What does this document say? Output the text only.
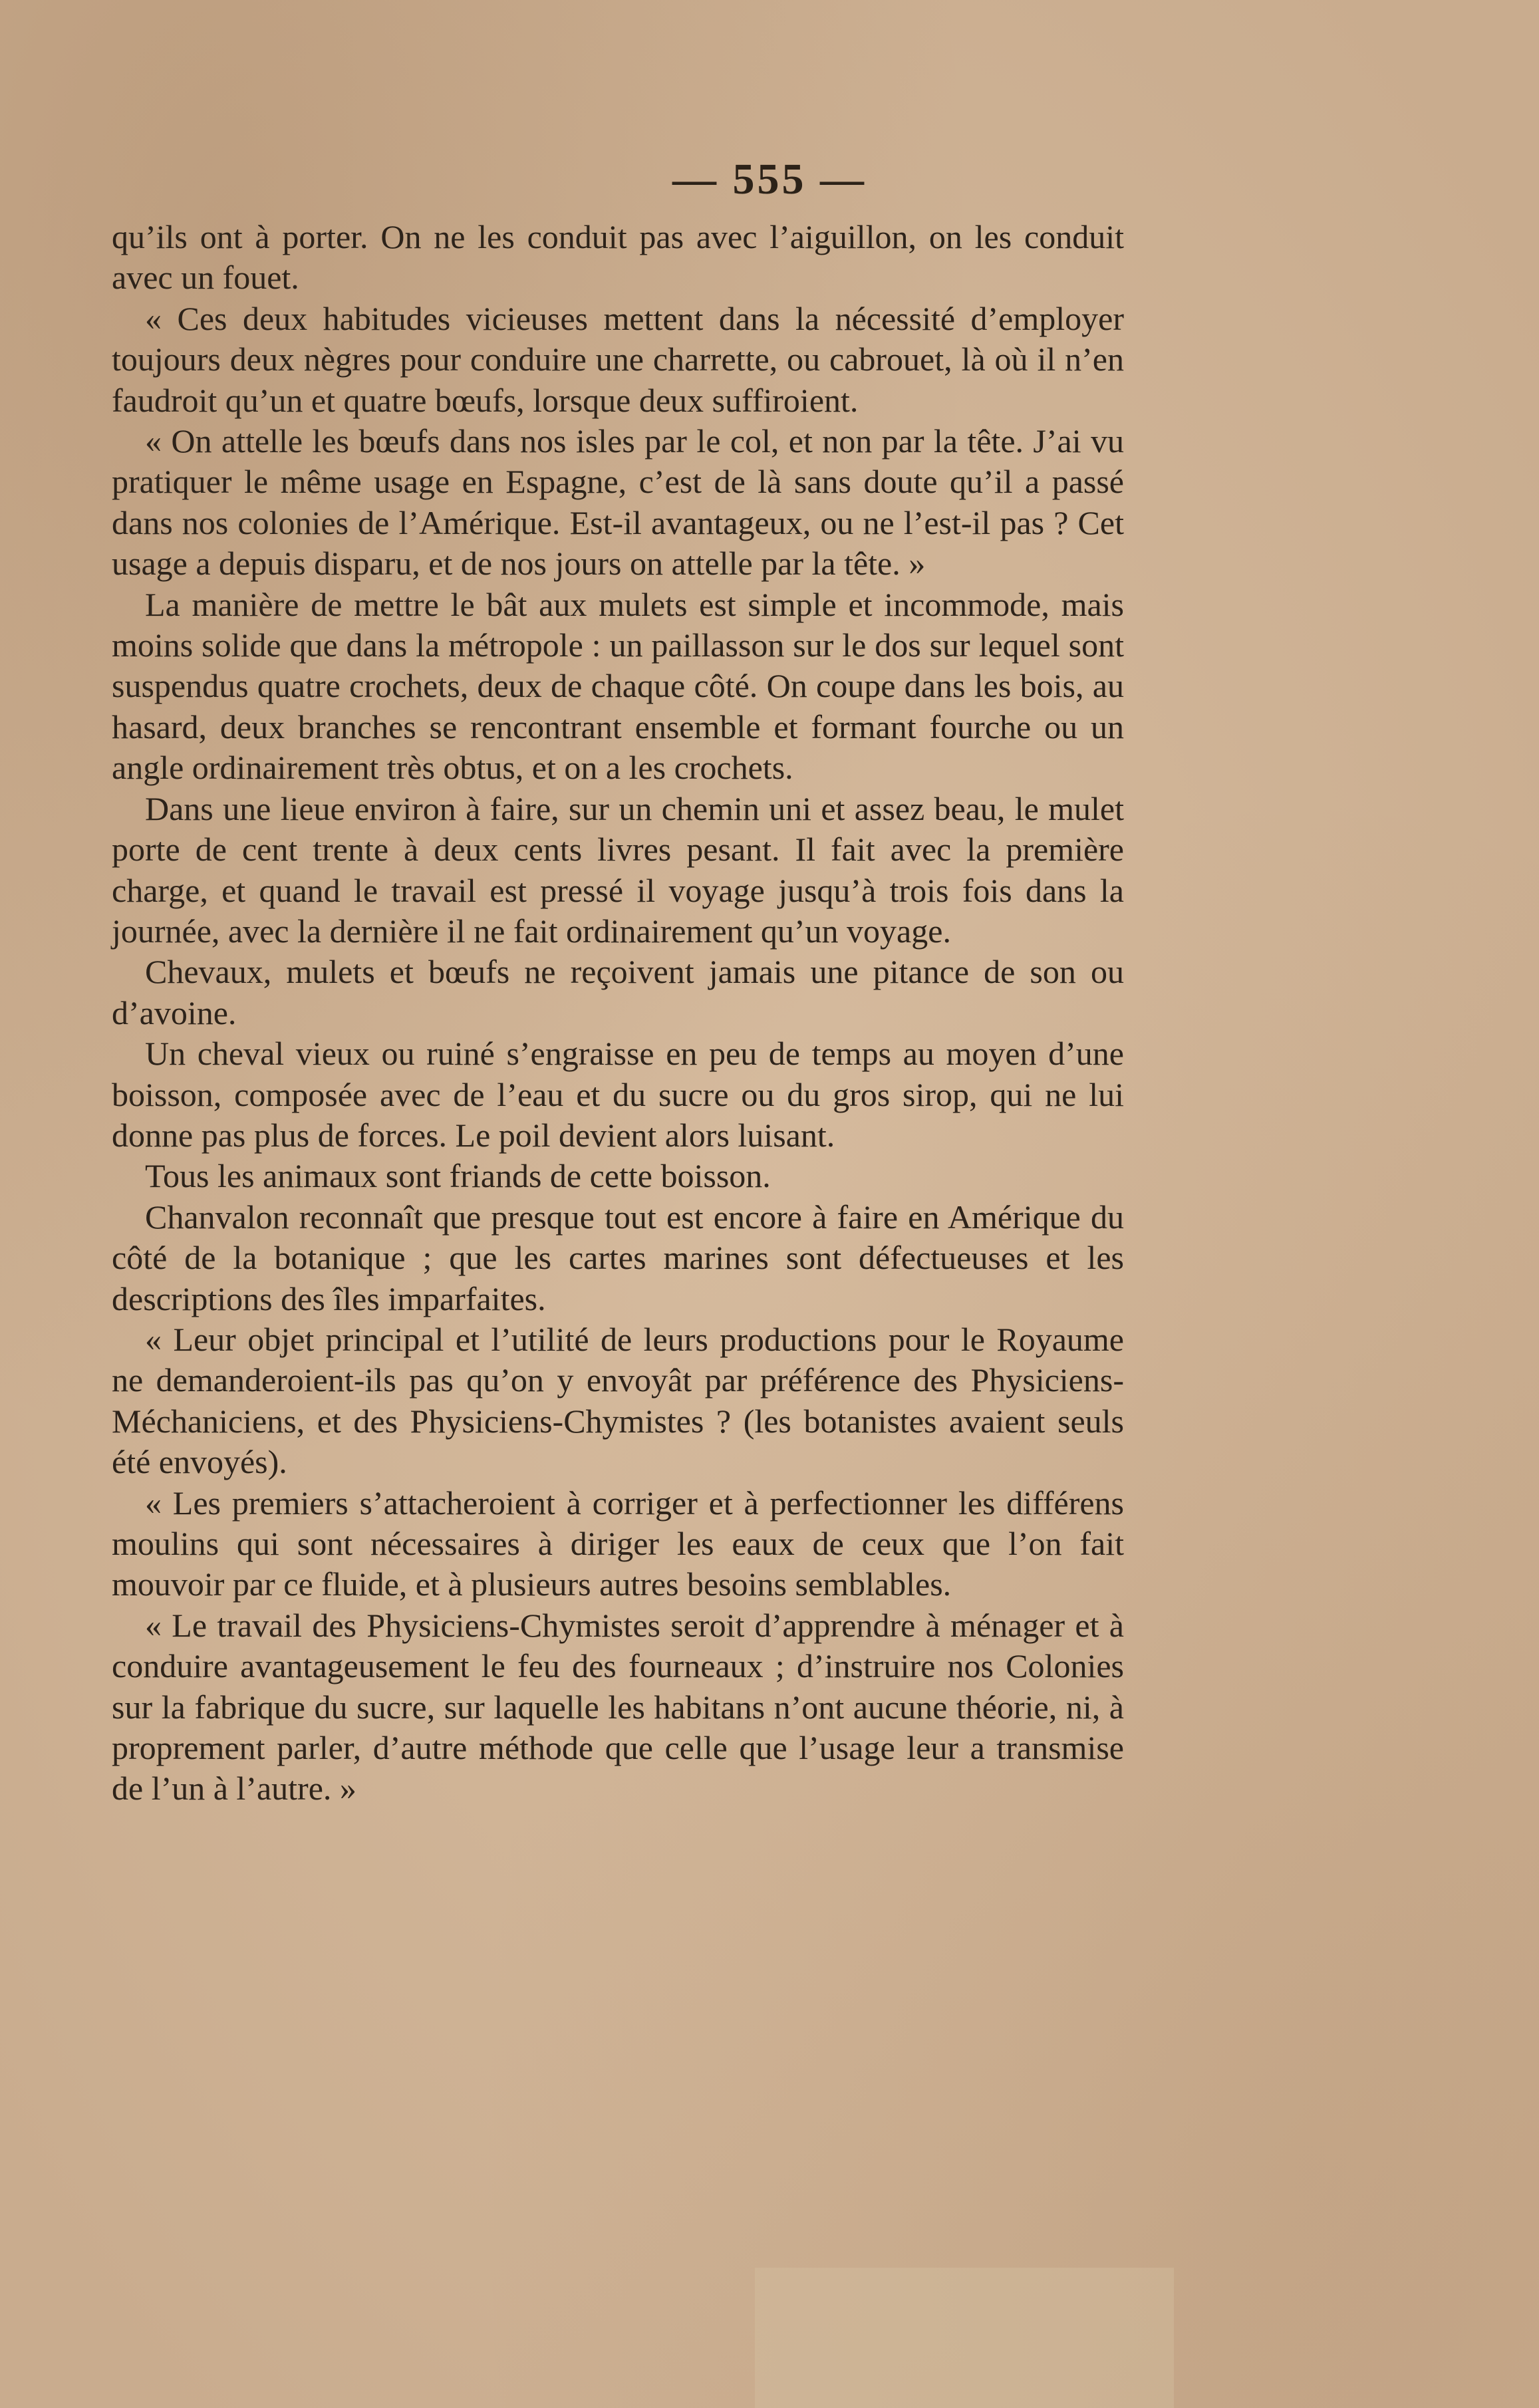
— 555 —

qu’ils ont à porter. On ne les conduit pas avec l’aiguillon, on les conduit avec un fouet.

« Ces deux habitudes vicieuses mettent dans la nécessité d’employer toujours deux nègres pour conduire une charrette, ou cabrouet, là où il n’en faudroit qu’un et quatre bœufs, lorsque deux suffiroient.

« On attelle les bœufs dans nos isles par le col, et non par la tête. J’ai vu pratiquer le même usage en Espagne, c’est de là sans doute qu’il a passé dans nos colonies de l’Amérique. Est-il avantageux, ou ne l’est-il pas ? Cet usage a depuis disparu, et de nos jours on attelle par la tête. »

La manière de mettre le bât aux mulets est simple et incommode, mais moins solide que dans la métropole : un paillasson sur le dos sur lequel sont suspendus quatre crochets, deux de chaque côté. On coupe dans les bois, au hasard, deux branches se rencontrant ensemble et formant fourche ou un angle ordinairement très obtus, et on a les crochets.

Dans une lieue environ à faire, sur un chemin uni et assez beau, le mulet porte de cent trente à deux cents livres pesant. Il fait avec la première charge, et quand le travail est pressé il voyage jusqu’à trois fois dans la journée, avec la dernière il ne fait ordinairement qu’un voyage.

Chevaux, mulets et bœufs ne reçoivent jamais une pitance de son ou d’avoine.

Un cheval vieux ou ruiné s’engraisse en peu de temps au moyen d’une boisson, composée avec de l’eau et du sucre ou du gros sirop, qui ne lui donne pas plus de forces. Le poil devient alors luisant.

Tous les animaux sont friands de cette boisson.

Chanvalon reconnaît que presque tout est encore à faire en Amérique du côté de la botanique ; que les cartes marines sont défectueuses et les descriptions des îles imparfaites.

« Leur objet principal et l’utilité de leurs productions pour le Royaume ne demanderoient-ils pas qu’on y envoyât par préférence des Physiciens-Méchaniciens, et des Physiciens-Chymistes ? (les botanistes avaient seuls été envoyés).

« Les premiers s’attacheroient à corriger et à perfectionner les différens moulins qui sont nécessaires à diriger les eaux de ceux que l’on fait mouvoir par ce fluide, et à plusieurs autres besoins semblables.

« Le travail des Physiciens-Chymistes seroit d’apprendre à ménager et à conduire avantageusement le feu des fourneaux ; d’instruire nos Colonies sur la fabrique du sucre, sur laquelle les habitans n’ont aucune théorie, ni, à proprement parler, d’autre méthode que celle que l’usage leur a transmise de l’un à l’autre. »
